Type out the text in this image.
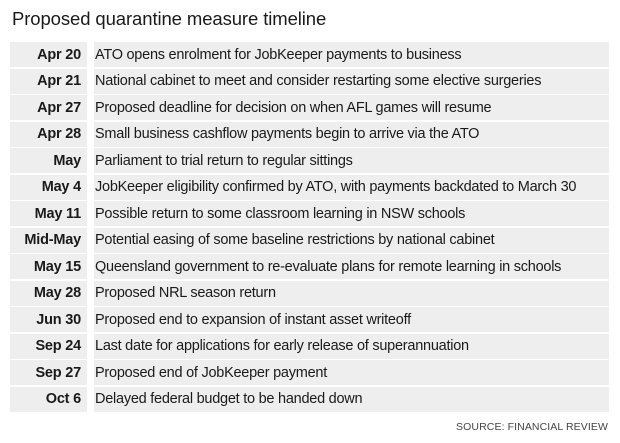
Proposed quarantine measure timeline
Apr 20 ATO opens enrolment for JobKeeper payments to business
Apr 21 National cabinet to meet and consider restarting some elective surgeries
Apr 27 Proposed deadline for decision on when AFL games will resume
Apr 28 Small business cashflow payments begin to arrive via the ATO
May Parliament to trial return to regular sittings
May 4 JobKeeper eligibility confirmed by ATO, with payments backdated to March 30
May 11 Possible return to some classroom learning in NSW schools
Mid-May Potential easing of some baseline restrictions by national cabinet
May 15 Queensland government to re-evaluate plans for remote learning in schools
May 28 Proposed NRL season return
Jun 30 Proposed end to expansion of instant asset writeoff
Sep 24 Last date for applications for early release of superannuation
Sep 27 Proposed end of JobKeeper payment
Oct 6 Delayed federal budget to be handed down
SOURCE: FINANCIAL REVIEW
